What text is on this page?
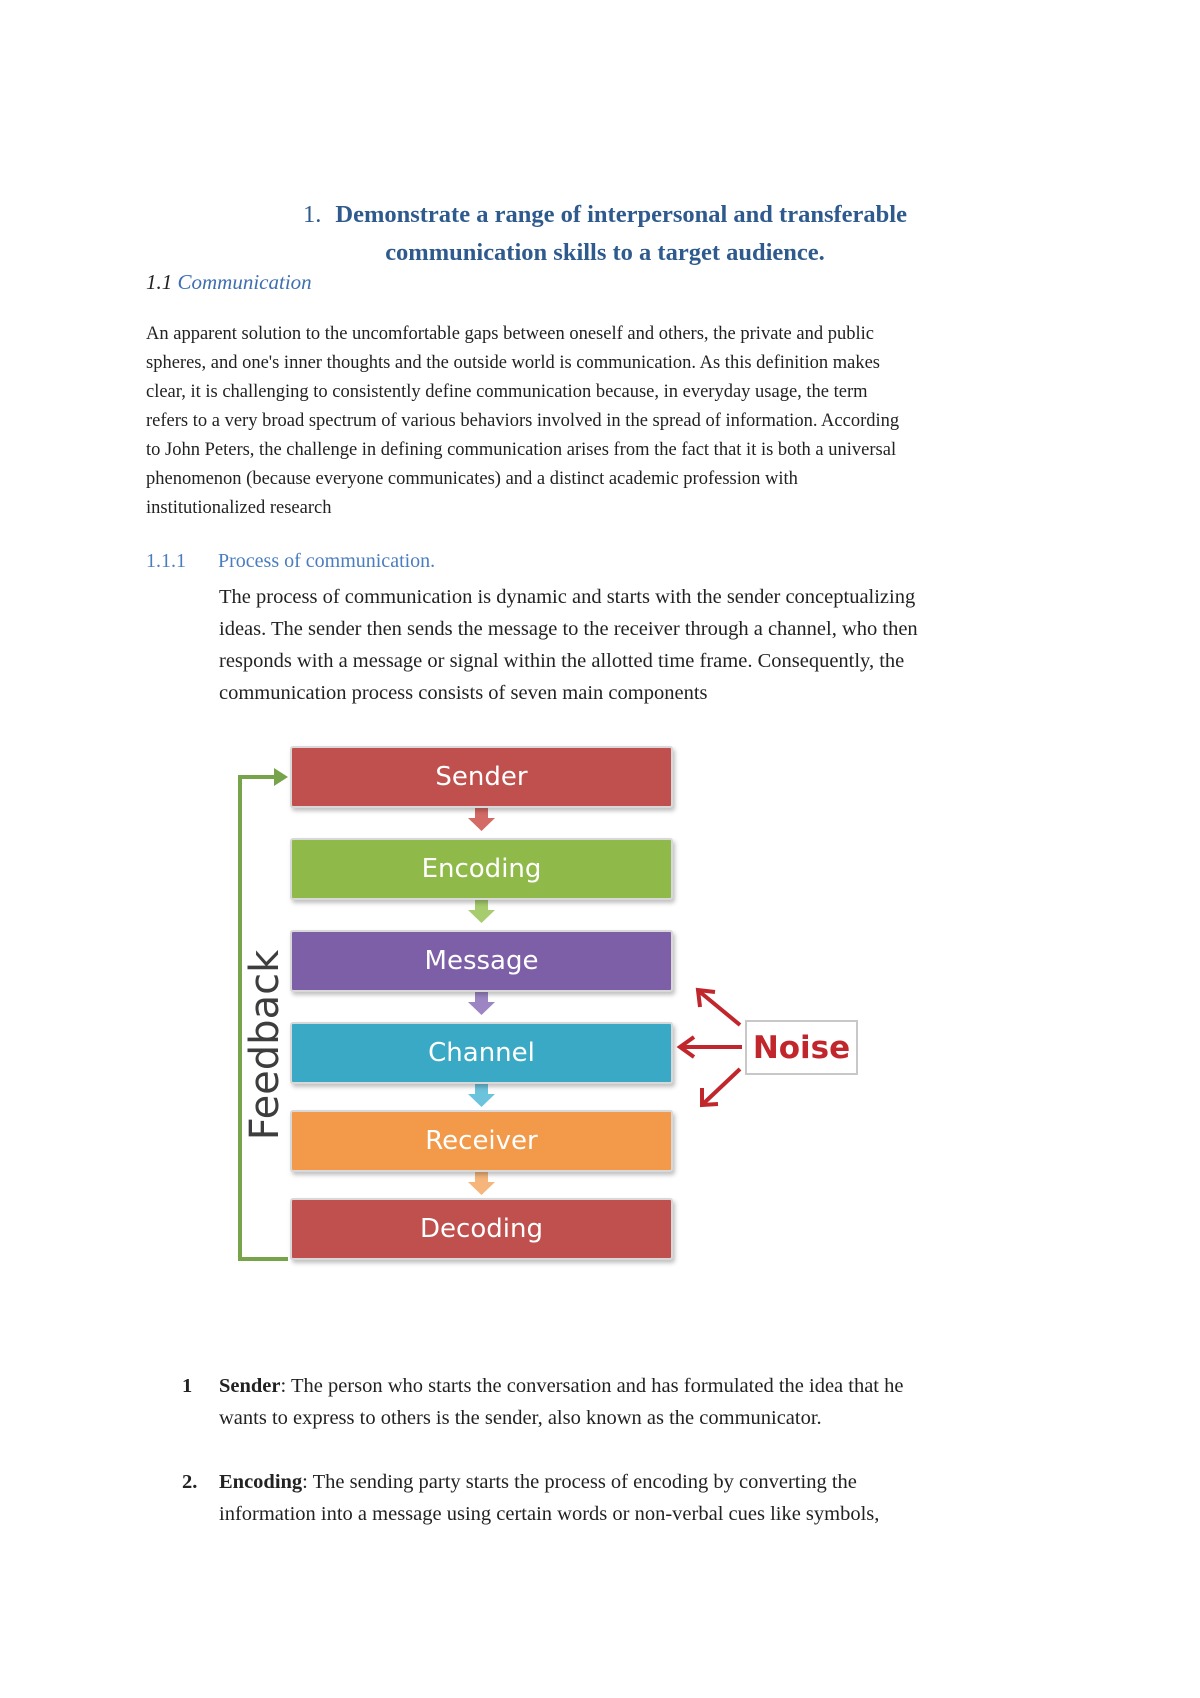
1. Demonstrate a range of interpersonal and transferable
communication skills to a target audience.
1.1 Communication

An apparent solution to the uncomfortable gaps between oneself and others, the private and public

spheres, and one's inner thoughts and the outside world is communication. As this definition makes

clear, it is challenging to consistently define communication because, in everyday usage, the term

refers to a very broad spectrum of various behaviors involved in the spread of information. According

to John Peters, the challenge in defining communication arises from the fact that it is both a universal

phenomenon (because everyone communicates) and a distinct academic profession with

institutionalized research

1.1.1 Process of communication.
The process of communication is dynamic and starts with the sender conceptualizing
ideas. The sender then sends the message to the receiver through a channel, who then
responds with a message or signal within the allotted time frame. Consequently, the
communication process consists of seven main components
Feedback
Sender
Encoding
Message
Channel
Receiver
Decoding
Noise
1 Sender: The person who starts the conversation and has formulated the idea that he
wants to express to others is the sender, also known as the communicator.
2. Encoding: The sending party starts the process of encoding by converting the
information into a message using certain words or non-verbal cues like symbols,
